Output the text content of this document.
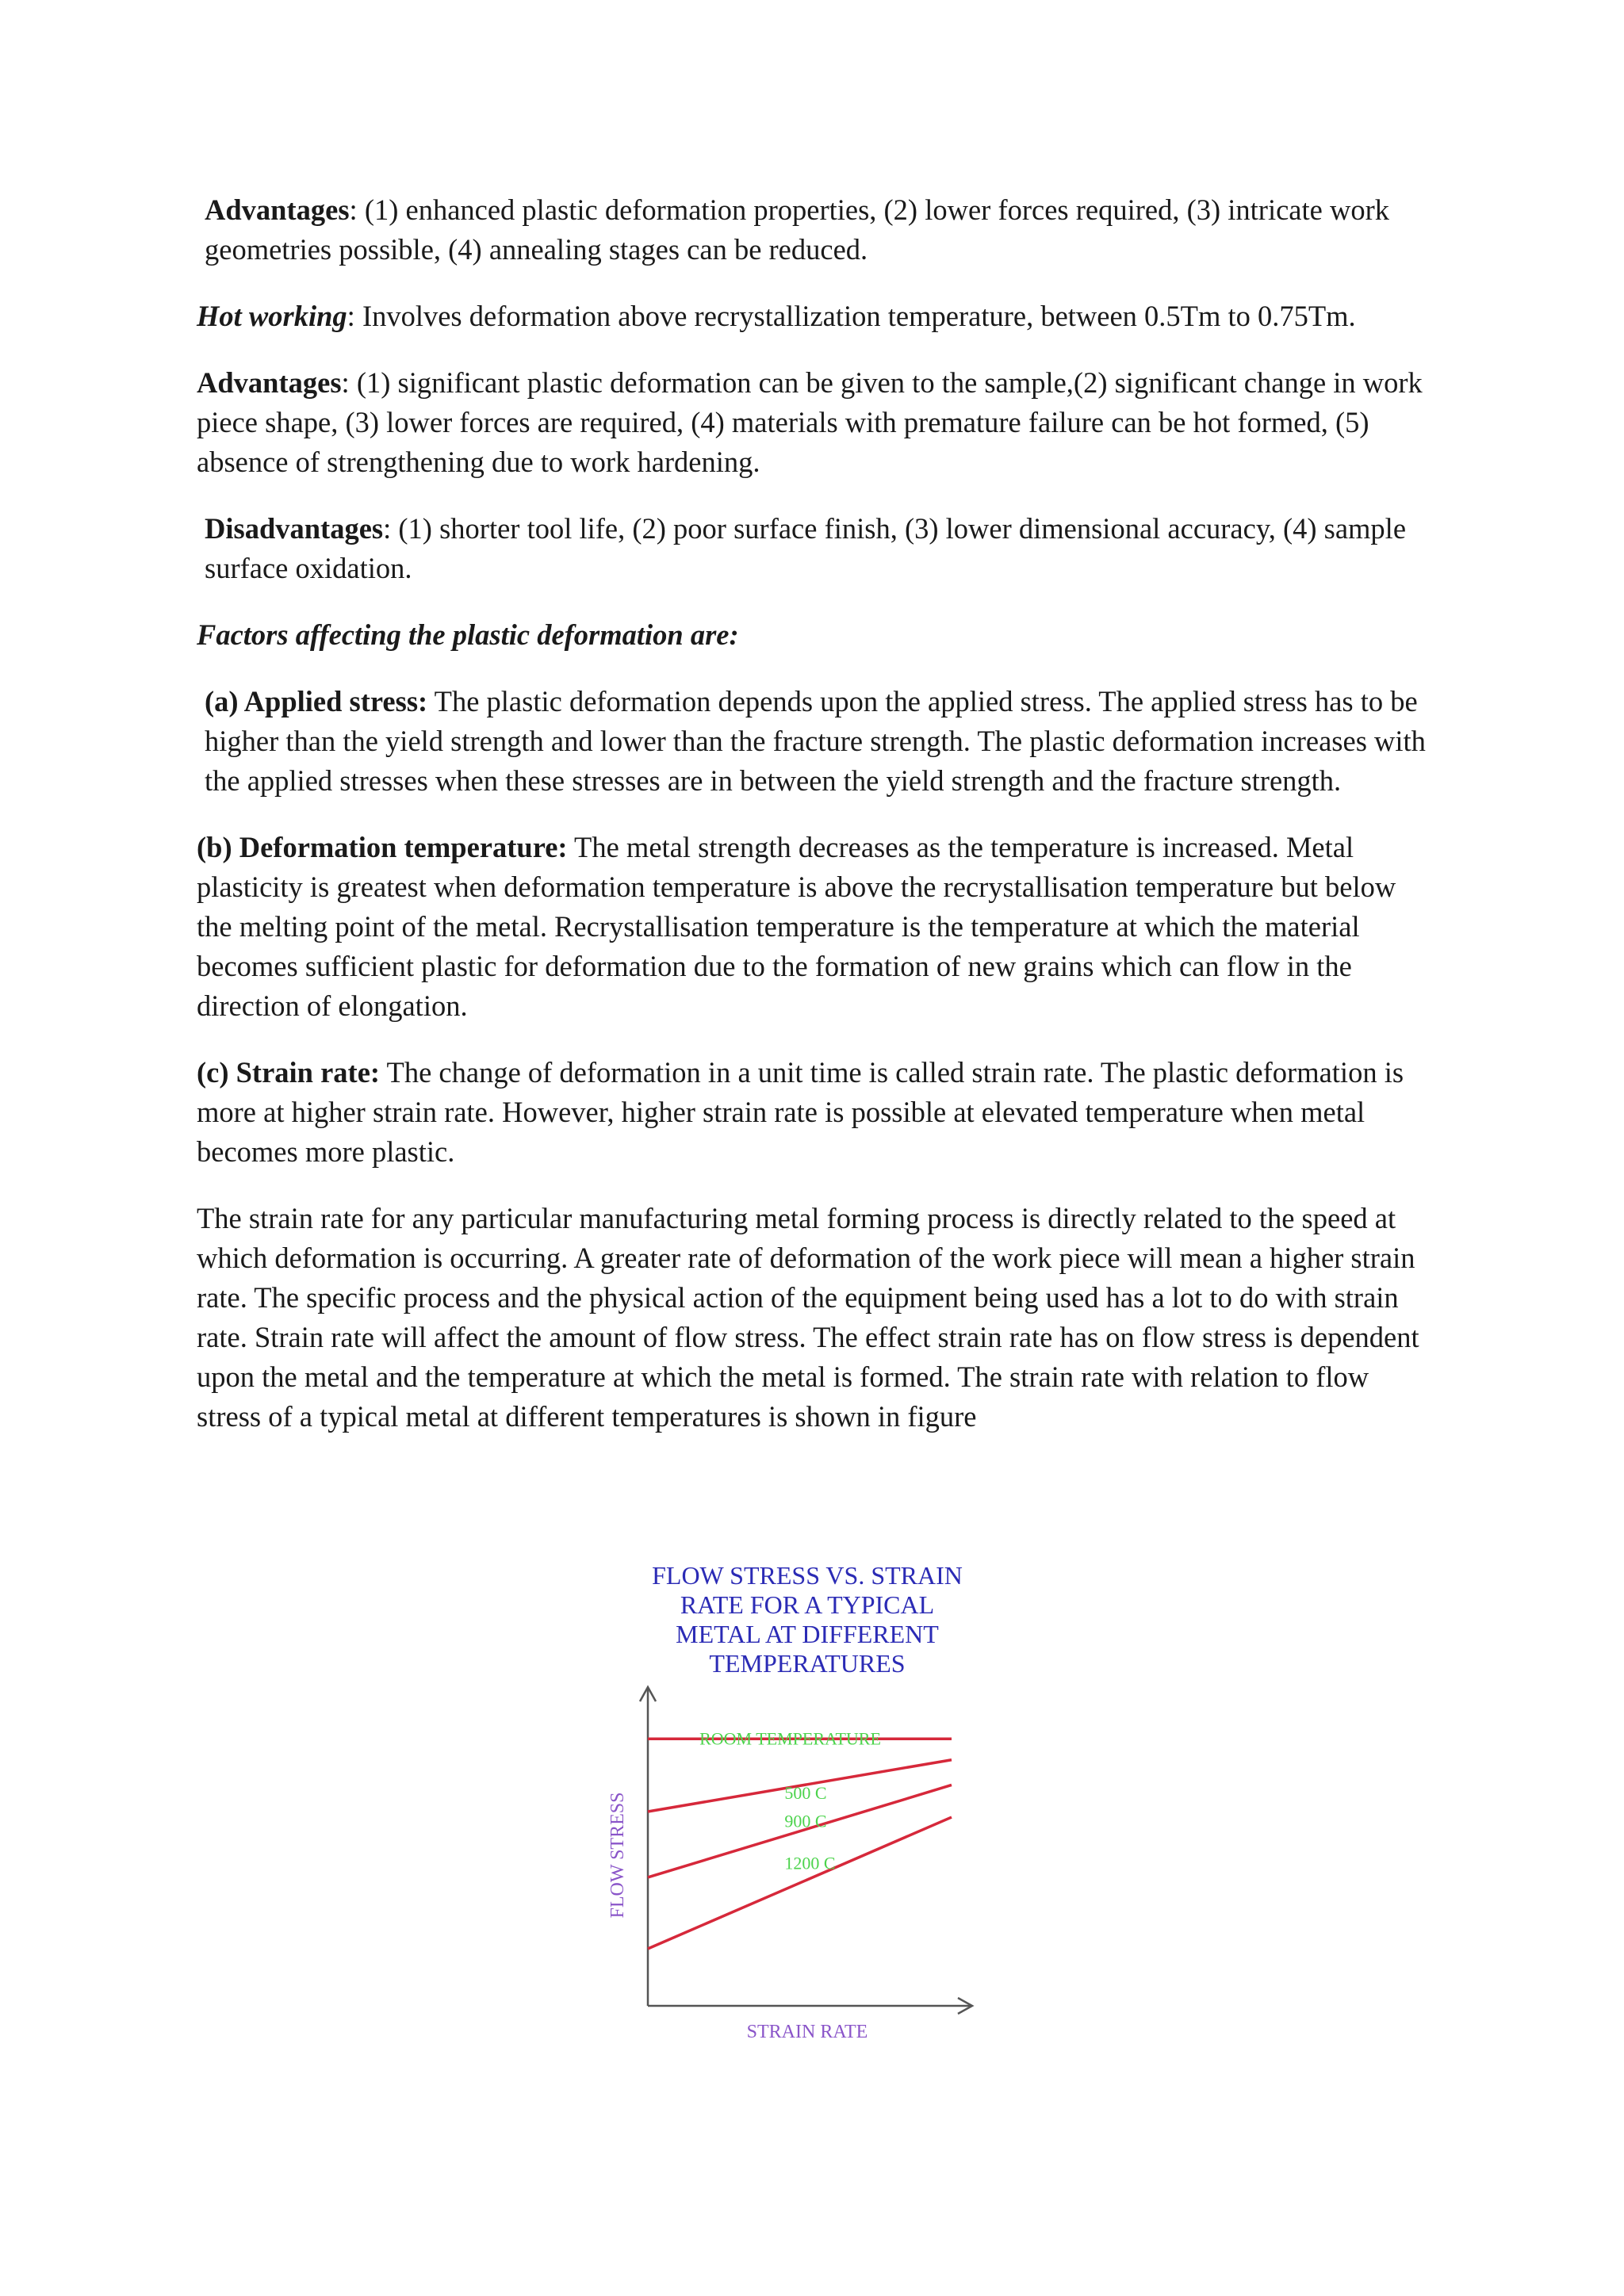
Advantages: (1) enhanced plastic deformation properties, (2) lower forces required, (3) intricate work geometries possible, (4) annealing stages can be reduced.

Hot working: Involves deformation above recrystallization temperature, between 0.5Tm to 0.75Tm.

Advantages: (1) significant plastic deformation can be given to the sample,(2) significant change in work piece shape, (3) lower forces are required, (4) materials with premature failure can be hot formed, (5) absence of strengthening due to work hardening.

Disadvantages: (1) shorter tool life, (2) poor surface finish, (3) lower dimensional accuracy, (4) sample surface oxidation.

Factors affecting the plastic deformation are:

(a) Applied stress: The plastic deformation depends upon the applied stress. The applied stress has to be higher than the yield strength and lower than the fracture strength. The plastic deformation increases with the applied stresses when these stresses are in between the yield strength and the fracture strength.

(b) Deformation temperature: The metal strength decreases as the temperature is increased. Metal plasticity is greatest when deformation temperature is above the recrystallisation temperature but below the melting point of the metal. Recrystallisation temperature is the temperature at which the material becomes sufficient plastic for deformation due to the formation of new grains which can flow in the direction of elongation.

(c) Strain rate: The change of deformation in a unit time is called strain rate. The plastic deformation is more at higher strain rate. However, higher strain rate is possible at elevated temperature when metal becomes more plastic.

The strain rate for any particular manufacturing metal forming process is directly related to the speed at which deformation is occurring. A greater rate of deformation of the work piece will mean a higher strain rate. The specific process and the physical action of the equipment being used has a lot to do with strain rate. Strain rate will affect the amount of flow stress. The effect strain rate has on flow stress is dependent upon the metal and the temperature at which the metal is formed. The strain rate with relation to flow stress of a typical metal at different temperatures is shown in figure

FLOW STRESS VS. STRAIN
RATE FOR A TYPICAL
METAL AT DIFFERENT
TEMPERATURES
ROOM TEMPERATURE
500 C
900 C
1200 C
STRAIN RATE
FLOW STRESS
